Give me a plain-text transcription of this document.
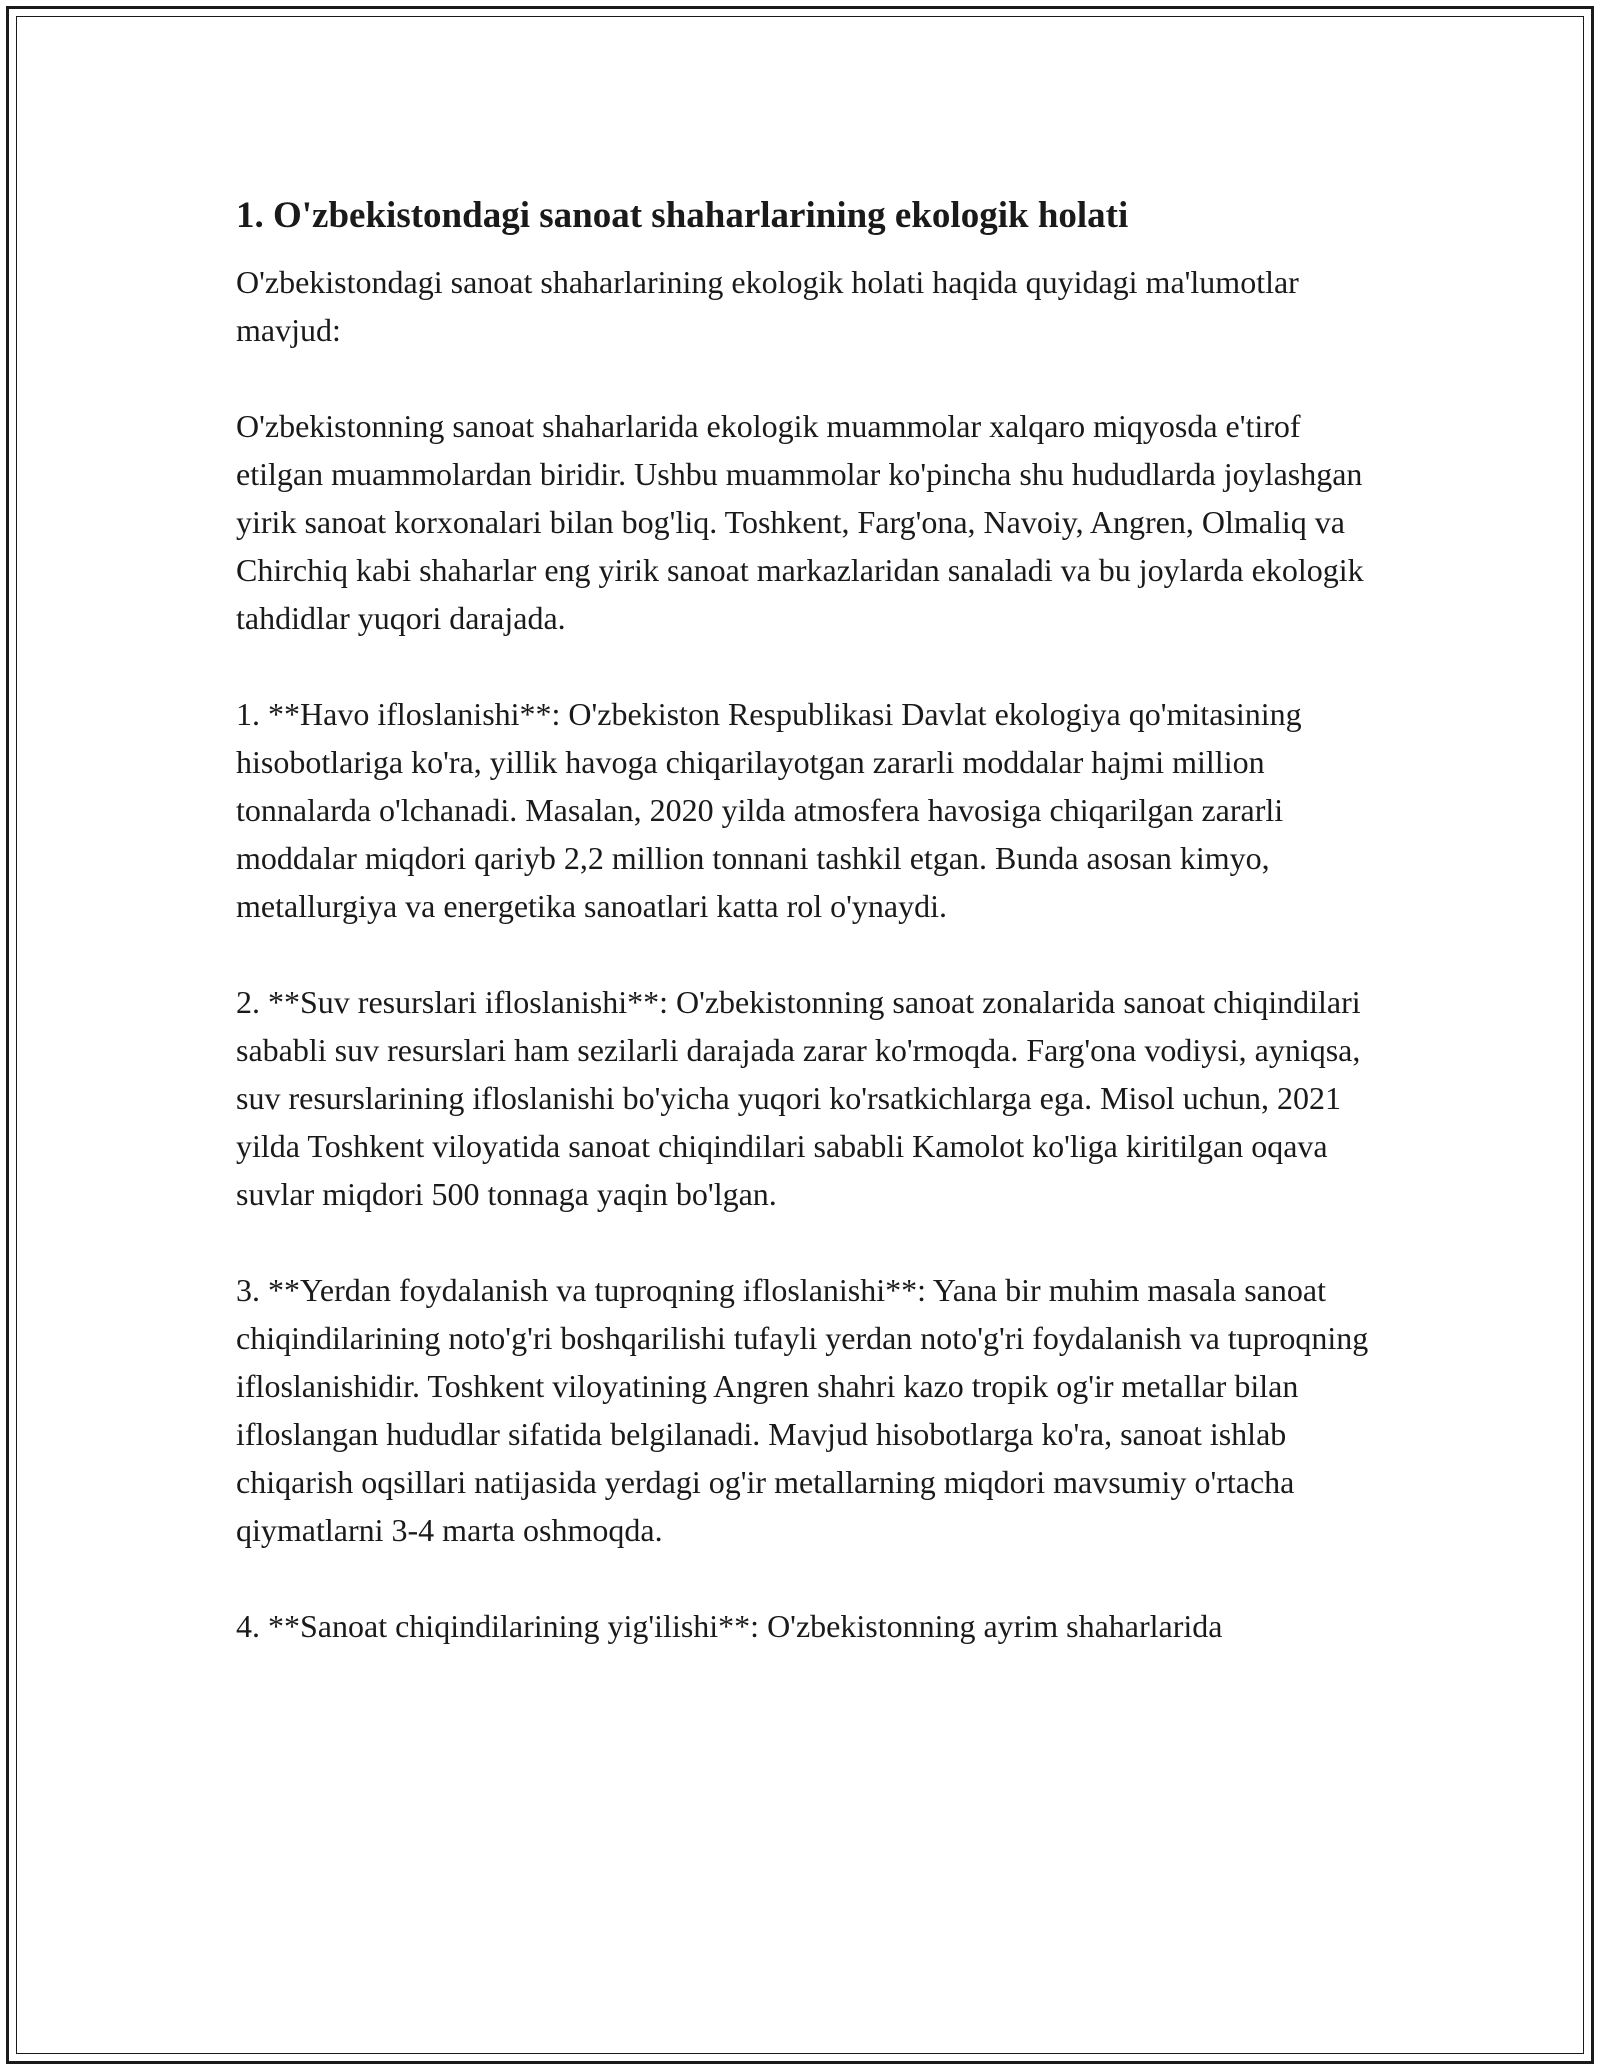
1. O'zbekistondagi sanoat shaharlarining ekologik holati

O'zbekistondagi sanoat shaharlarining ekologik holati haqida quyidagi ma'lumotlar mavjud:

O'zbekistonning sanoat shaharlarida ekologik muammolar xalqaro miqyosda e'tirof etilgan muammolardan biridir. Ushbu muammolar ko'pincha shu hududlarda joylashgan yirik sanoat korxonalari bilan bog'liq. Toshkent, Farg'ona, Navoiy, Angren, Olmaliq va Chirchiq kabi shaharlar eng yirik sanoat markazlaridan sanaladi va bu joylarda ekologik tahdidlar yuqori darajada.

1. **Havo ifloslanishi**: O'zbekiston Respublikasi Davlat ekologiya qo'mitasining hisobotlariga ko'ra, yillik havoga chiqarilayotgan zararli moddalar hajmi million tonnalarda o'lchanadi. Masalan, 2020 yilda atmosfera havosiga chiqarilgan zararli moddalar miqdori qariyb 2,2 million tonnani tashkil etgan. Bunda asosan kimyo, metallurgiya va energetika sanoatlari katta rol o'ynaydi.

2. **Suv resurslari ifloslanishi**: O'zbekistonning sanoat zonalarida sanoat chiqindilari sababli suv resurslari ham sezilarli darajada zarar ko'rmoqda. Farg'ona vodiysi, ayniqsa, suv resurslarining ifloslanishi bo'yicha yuqori ko'rsatkichlarga ega. Misol uchun, 2021 yilda Toshkent viloyatida sanoat chiqindilari sababli Kamolot ko'liga kiritilgan oqava suvlar miqdori 500 tonnaga yaqin bo'lgan.

3. **Yerdan foydalanish va tuproqning ifloslanishi**: Yana bir muhim masala sanoat chiqindilarining noto'g'ri boshqarilishi tufayli yerdan noto'g'ri foydalanish va tuproqning ifloslanishidir. Toshkent viloyatining Angren shahri kazo tropik og'ir metallar bilan ifloslangan hududlar sifatida belgilanadi. Mavjud hisobotlarga ko'ra, sanoat ishlab chiqarish oqsillari natijasida yerdagi og'ir metallarning miqdori mavsumiy o'rtacha qiymatlarni 3-4 marta oshmoqda.

4. **Sanoat chiqindilarining yig'ilishi**: O'zbekistonning ayrim shaharlarida
